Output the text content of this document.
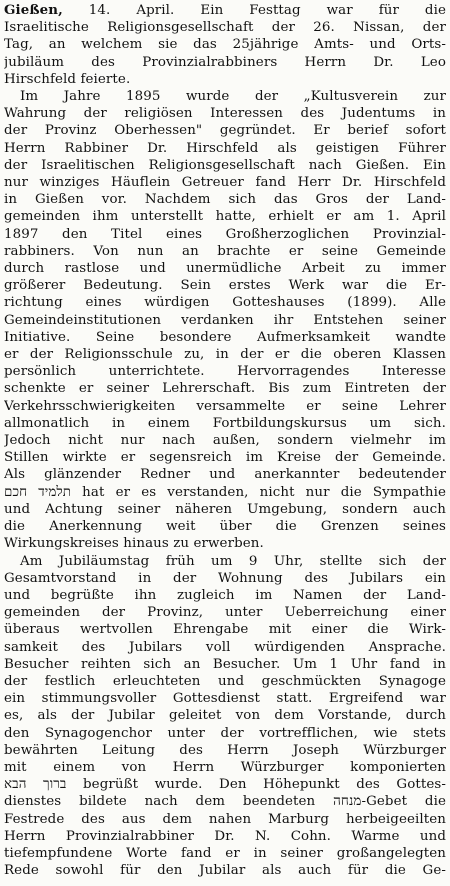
Gießen, 14. April. Ein Festtag war für die
Israelitische Religionsgesellschaft der 26. Nissan, der
Tag, an welchem sie das 25jährige Amts- und Orts-
jubiläum des Provinzialrabbiners Herrn Dr. Leo
Hirschfeld feierte.
Im Jahre 1895 wurde der „Kultusverein zur
Wahrung der religiösen Interessen des Judentums in
der Provinz Oberhessen" gegründet. Er berief sofort
Herrn Rabbiner Dr. Hirschfeld als geistigen Führer
der Israelitischen Religionsgesellschaft nach Gießen. Ein
nur winziges Häuflein Getreuer fand Herr Dr. Hirschfeld
in Gießen vor. Nachdem sich das Gros der Land-
gemeinden ihm unterstellt hatte, erhielt er am 1. April
1897 den Titel eines Großherzoglichen Provinzial-
rabbiners. Von nun an brachte er seine Gemeinde
durch rastlose und unermüdliche Arbeit zu immer
größerer Bedeutung. Sein erstes Werk war die Er-
richtung eines würdigen Gotteshauses (1899). Alle
Gemeindeinstitutionen verdanken ihr Entstehen seiner
Initiative. Seine besondere Aufmerksamkeit wandte
er der Religionsschule zu, in der er die oberen Klassen
persönlich unterrichtete. Hervorragendes Interesse
schenkte er seiner Lehrerschaft. Bis zum Eintreten der
Verkehrsschwierigkeiten versammelte er seine Lehrer
allmonatlich in einem Fortbildungskursus um sich.
Jedoch nicht nur nach außen, sondern vielmehr im
Stillen wirkte er segensreich im Kreise der Gemeinde.
Als glänzender Redner und anerkannter bedeutender
תלמיד חכם hat er es verstanden, nicht nur die Sympathie
und Achtung seiner näheren Umgebung, sondern auch
die Anerkennung weit über die Grenzen seines
Wirkungskreises hinaus zu erwerben.
Am Jubiläumstag früh um 9 Uhr, stellte sich der
Gesamtvorstand in der Wohnung des Jubilars ein
und begrüßte ihn zugleich im Namen der Land-
gemeinden der Provinz, unter Ueberreichung einer
überaus wertvollen Ehrengabe mit einer die Wirk-
samkeit des Jubilars voll würdigenden Ansprache.
Besucher reihten sich an Besucher. Um 1 Uhr fand in
der festlich erleuchteten und geschmückten Synagoge
ein stimmungsvoller Gottesdienst statt. Ergreifend war
es, als der Jubilar geleitet von dem Vorstande, durch
den Synagogenchor unter der vortrefflichen, wie stets
bewährten Leitung des Herrn Joseph Würzburger
mit einem von Herrn Würzburger komponierten
ברוך הבא begrüßt wurde. Den Höhepunkt des Gottes-
dienstes bildete nach dem beendeten מנחה-Gebet die
Festrede des aus dem nahen Marburg herbeigeeilten
Herrn Provinzialrabbiner Dr. N. Cohn. Warme und
tiefempfundene Worte fand er in seiner großangelegten
Rede sowohl für den Jubilar als auch für die Ge-
